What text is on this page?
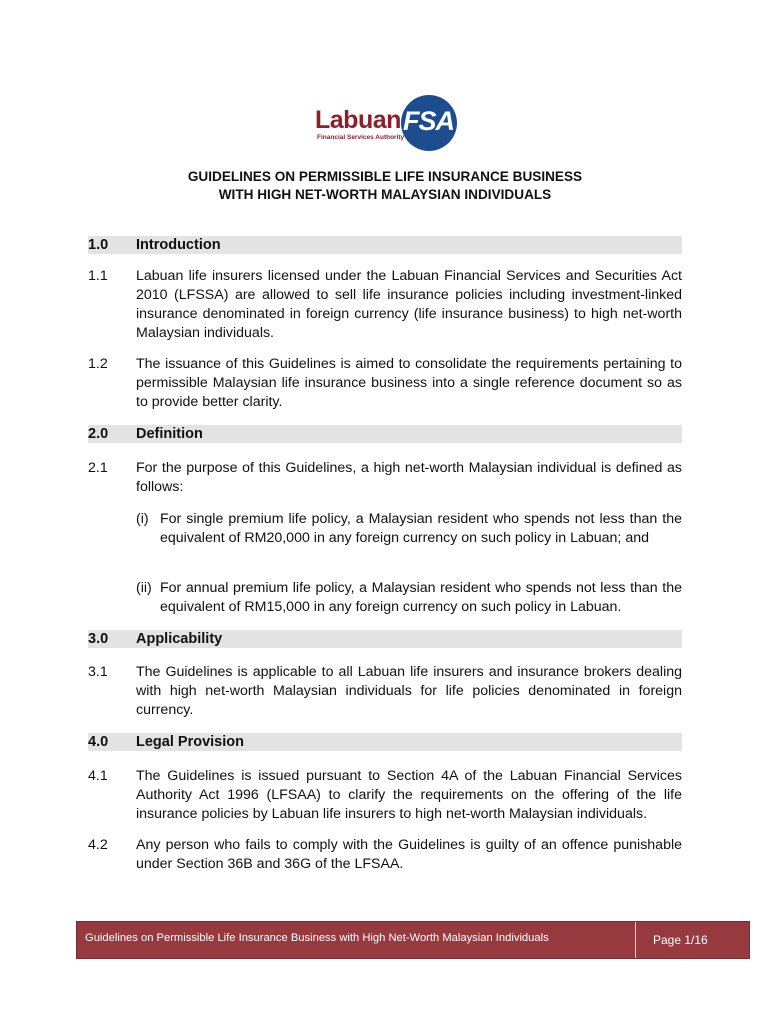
Labuan
Financial Services Authority
FSA
GUIDELINES ON PERMISSIBLE LIFE INSURANCE BUSINESS
WITH HIGH NET-WORTH MALAYSIAN INDIVIDUALS
1.0	Introduction
1.1 Labuan life insurers licensed under the Labuan Financial Services and Securities Act 2010 (LFSSA) are allowed to sell life insurance policies including investment-linked insurance denominated in foreign currency (life insurance business) to high net-worth Malaysian individuals.
1.2 The issuance of this Guidelines is aimed to consolidate the requirements pertaining to permissible Malaysian life insurance business into a single reference document so as to provide better clarity.
2.0	Definition
2.1 For the purpose of this Guidelines, a high net-worth Malaysian individual is defined as follows:
(i) For single premium life policy, a Malaysian resident who spends not less than the equivalent of RM20,000 in any foreign currency on such policy in Labuan; and
(ii) For annual premium life policy, a Malaysian resident who spends not less than the equivalent of RM15,000 in any foreign currency on such policy in Labuan.
3.0	Applicability
3.1 The Guidelines is applicable to all Labuan life insurers and insurance brokers dealing with high net-worth Malaysian individuals for life policies denominated in foreign currency.
4.0	Legal Provision
4.1 The Guidelines is issued pursuant to Section 4A of the Labuan Financial Services Authority Act 1996 (LFSAA) to clarify the requirements on the offering of the life insurance policies by Labuan life insurers to high net-worth Malaysian individuals.
4.2 Any person who fails to comply with the Guidelines is guilty of an offence punishable under Section 36B and 36G of the LFSAA.
Guidelines on Permissible Life Insurance Business with High Net-Worth Malaysian Individuals	Page 1/16
